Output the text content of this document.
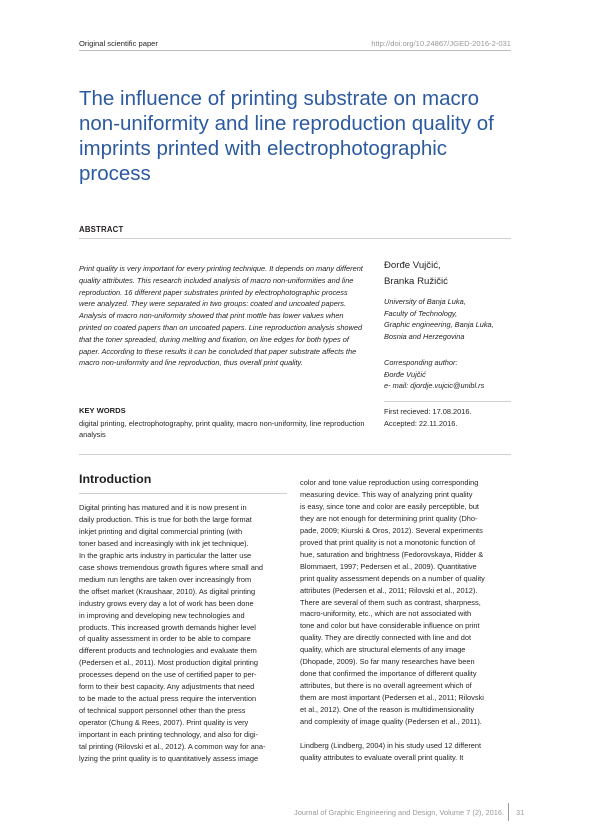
Original scientific paper	http://doi.org/10.24867/JGED-2016-2-031
The influence of printing substrate on macro non-uniformity and line reproduction quality of imprints printed with electrophotographic process
ABSTRACT
Print quality is very important for every printing technique. It depends on many different quality attributes. This research included analysis of macro non-uniformities and line reproduction. 16 different paper substrates printed by electrophotographic process were analyzed. They were separated in two groups: coated and uncoated papers. Analysis of macro non-uniformity showed that print mottle has lower values when printed on coated papers than on uncoated papers. Line reproduction analysis showed that the toner spreaded, during melting and fixation, on line edges for both types of paper. According to these results it can be concluded that paper substrate affects the macro non-uniformity and line reproduction, thus overall print quality.
Đorđe Vujčić,
Branka Ružičić
University of Banja Luka,
Faculty of Technology,
Graphic engineering, Banja Luka,
Bosnia and Herzegovina
Corresponding author:
Đorđe Vujčić
e- mail: djordje.vujcic@unibl.rs
First recieved: 17.08.2016.
Accepted: 22.11.2016.
KEY WORDS
digital printing, electrophotography, print quality, macro non-uniformity, line reproduction analysis
Introduction
Digital printing has matured and it is now present in
daily production. This is true for both the large format
inkjet printing and digital commercial printing (with
toner based and increasingly with ink jet technique).
In the graphic arts industry in particular the latter use
case shows tremendous growth figures where small and
medium run lengths are taken over increasingly from
the offset market (Kraushaar, 2010). As digital printing
industry grows every day a lot of work has been done
in improving and developing new technologies and
products. This increased growth demands higher level
of quality assessment in order to be able to compare
different products and technologies and evaluate them
(Pedersen et al., 2011). Most production digital printing
processes depend on the use of certified paper to per-
form to their best capacity. Any adjustments that need
to be made to the actual press require the intervention
of technical support personnel other than the press
operator (Chung & Rees, 2007). Print quality is very
important in each printing technology, and also for digi-
tal printing (Rilovski et al., 2012). A common way for ana-
lyzing the print quality is to quantitatively assess image
color and tone value reproduction using corresponding
measuring device. This way of analyzing print quality
is easy, since tone and color are easily perceptible, but
they are not enough for determining print quality (Dho-
pade, 2009; Kiurski & Oros, 2012). Several experiments
proved that print quality is not a monotonic function of
hue, saturation and brightness (Fedorovskaya, Ridder &
Blommaert, 1997; Pedersen et al., 2009). Quantitative
print quality assessment depends on a number of quality
attributes (Pedersen et al., 2011; Rilovski et al., 2012).
There are several of them such as contrast, sharpness,
macro-uniformity, etc., which are not associated with
tone and color but have considerable influence on print
quality. They are directly connected with line and dot
quality, which are structural elements of any image
(Dhopade, 2009). So far many researches have been
done that confirmed the importance of different quality
attributes, but there is no overall agreement which of
them are most important (Pedersen et al., 2011; Rilovski
et al., 2012). One of the reason is multidimensionality
and complexity of image quality (Pedersen et al., 2011).
Lindberg (Lindberg, 2004) in his study used 12 different
quality attributes to evaluate overall print quality. It
Journal of Graphic Engineering and Design, Volume 7 (2), 2016. 31
